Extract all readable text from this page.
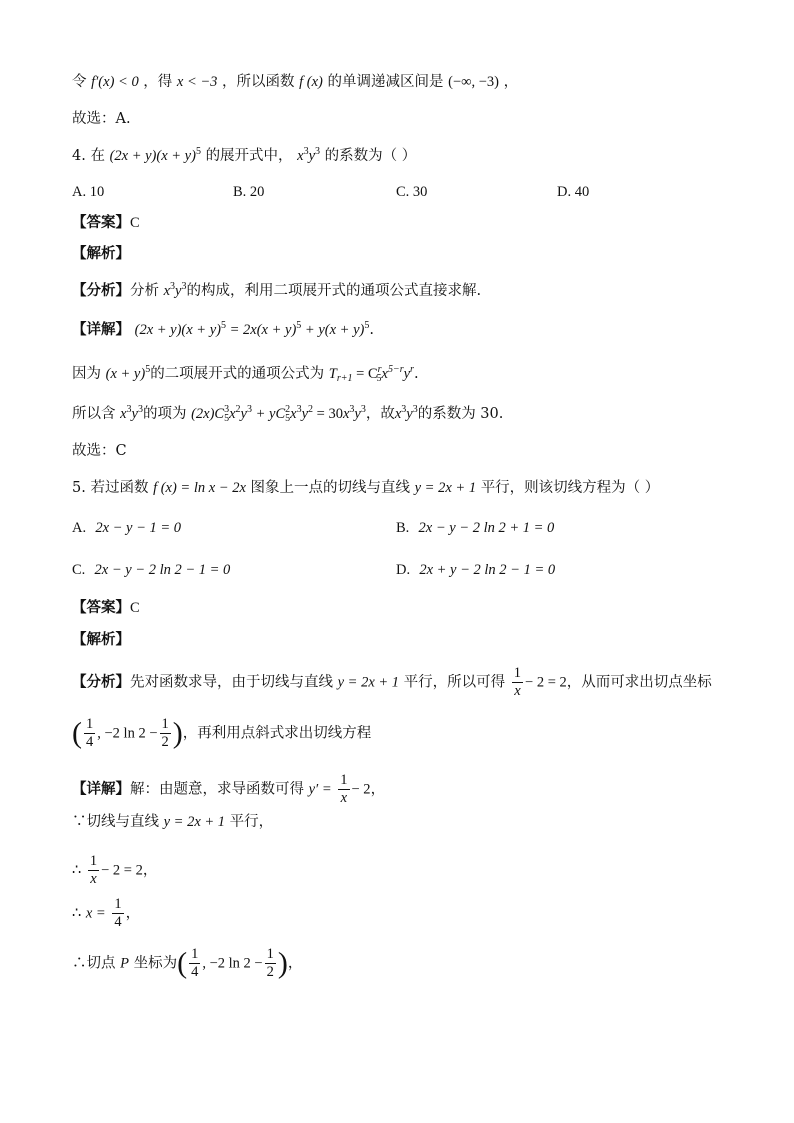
令 f′(x) < 0 ，得 x < −3 ，所以函数 f (x) 的单调递减区间是 (−∞, −3) ，
故选：A.
4. 在 $(2x + y)(x + y)^5$ 的展开式中， $x^3y^3$ 的系数为（ ）
A. 10	B. 20	C. 30	D. 40
【答案】C
【解析】
【分析】分析 $x^3y^3$的构成，利用二项展开式的通项公式直接求解.
【详解】 $(2x + y)(x + y)^5 = 2x(x + y)^5 + y(x + y)^5$.
因为 $(x + y)^5$的二项展开式的通项公式为 $T_{r+1} = C^r_5x^{5-r}y^r$.
所以含 $x^3y^3$的项为 $(2x)C^3_5x^2y^3 + yC^2_5x^3y^2 = 30x^3y^3$，故$x^3y^3$的系数为 30.
故选：C
5. 若过函数 f (x) = ln x − 2x 图象上一点的切线与直线 y = 2x + 1 平行，则该切线方程为（ ）
A. 2x − y − 1 = 0	B. 2x − y − 2 ln 2 + 1 = 0
C. 2x − y − 2 ln 2 − 1 = 0	D. 2x + y − 2 ln 2 − 1 = 0
【答案】C
【解析】
【分析】先对函数求导，由于切线与直线 y = 2x + 1 平行，所以可得 $\frac{1}{x} - 2 = 2$，从而可求出切点坐标
( $\frac{1}{4}$ , −2 $\ln 2 - \frac{1}{2}$ )，再利用点斜式求出切线方程
【详解】解：由题意，求导函数可得 $y' = \frac{1}{x} - 2$，
∵切线与直线 y = 2x + 1 平行，
∴ $\frac{1}{x} - 2 = 2$，
∴ $x = \frac{1}{4}$ ，
∴切点 P 坐标为( $\frac{1}{4}$ , −2 $\ln 2 - \frac{1}{2}$ )，
